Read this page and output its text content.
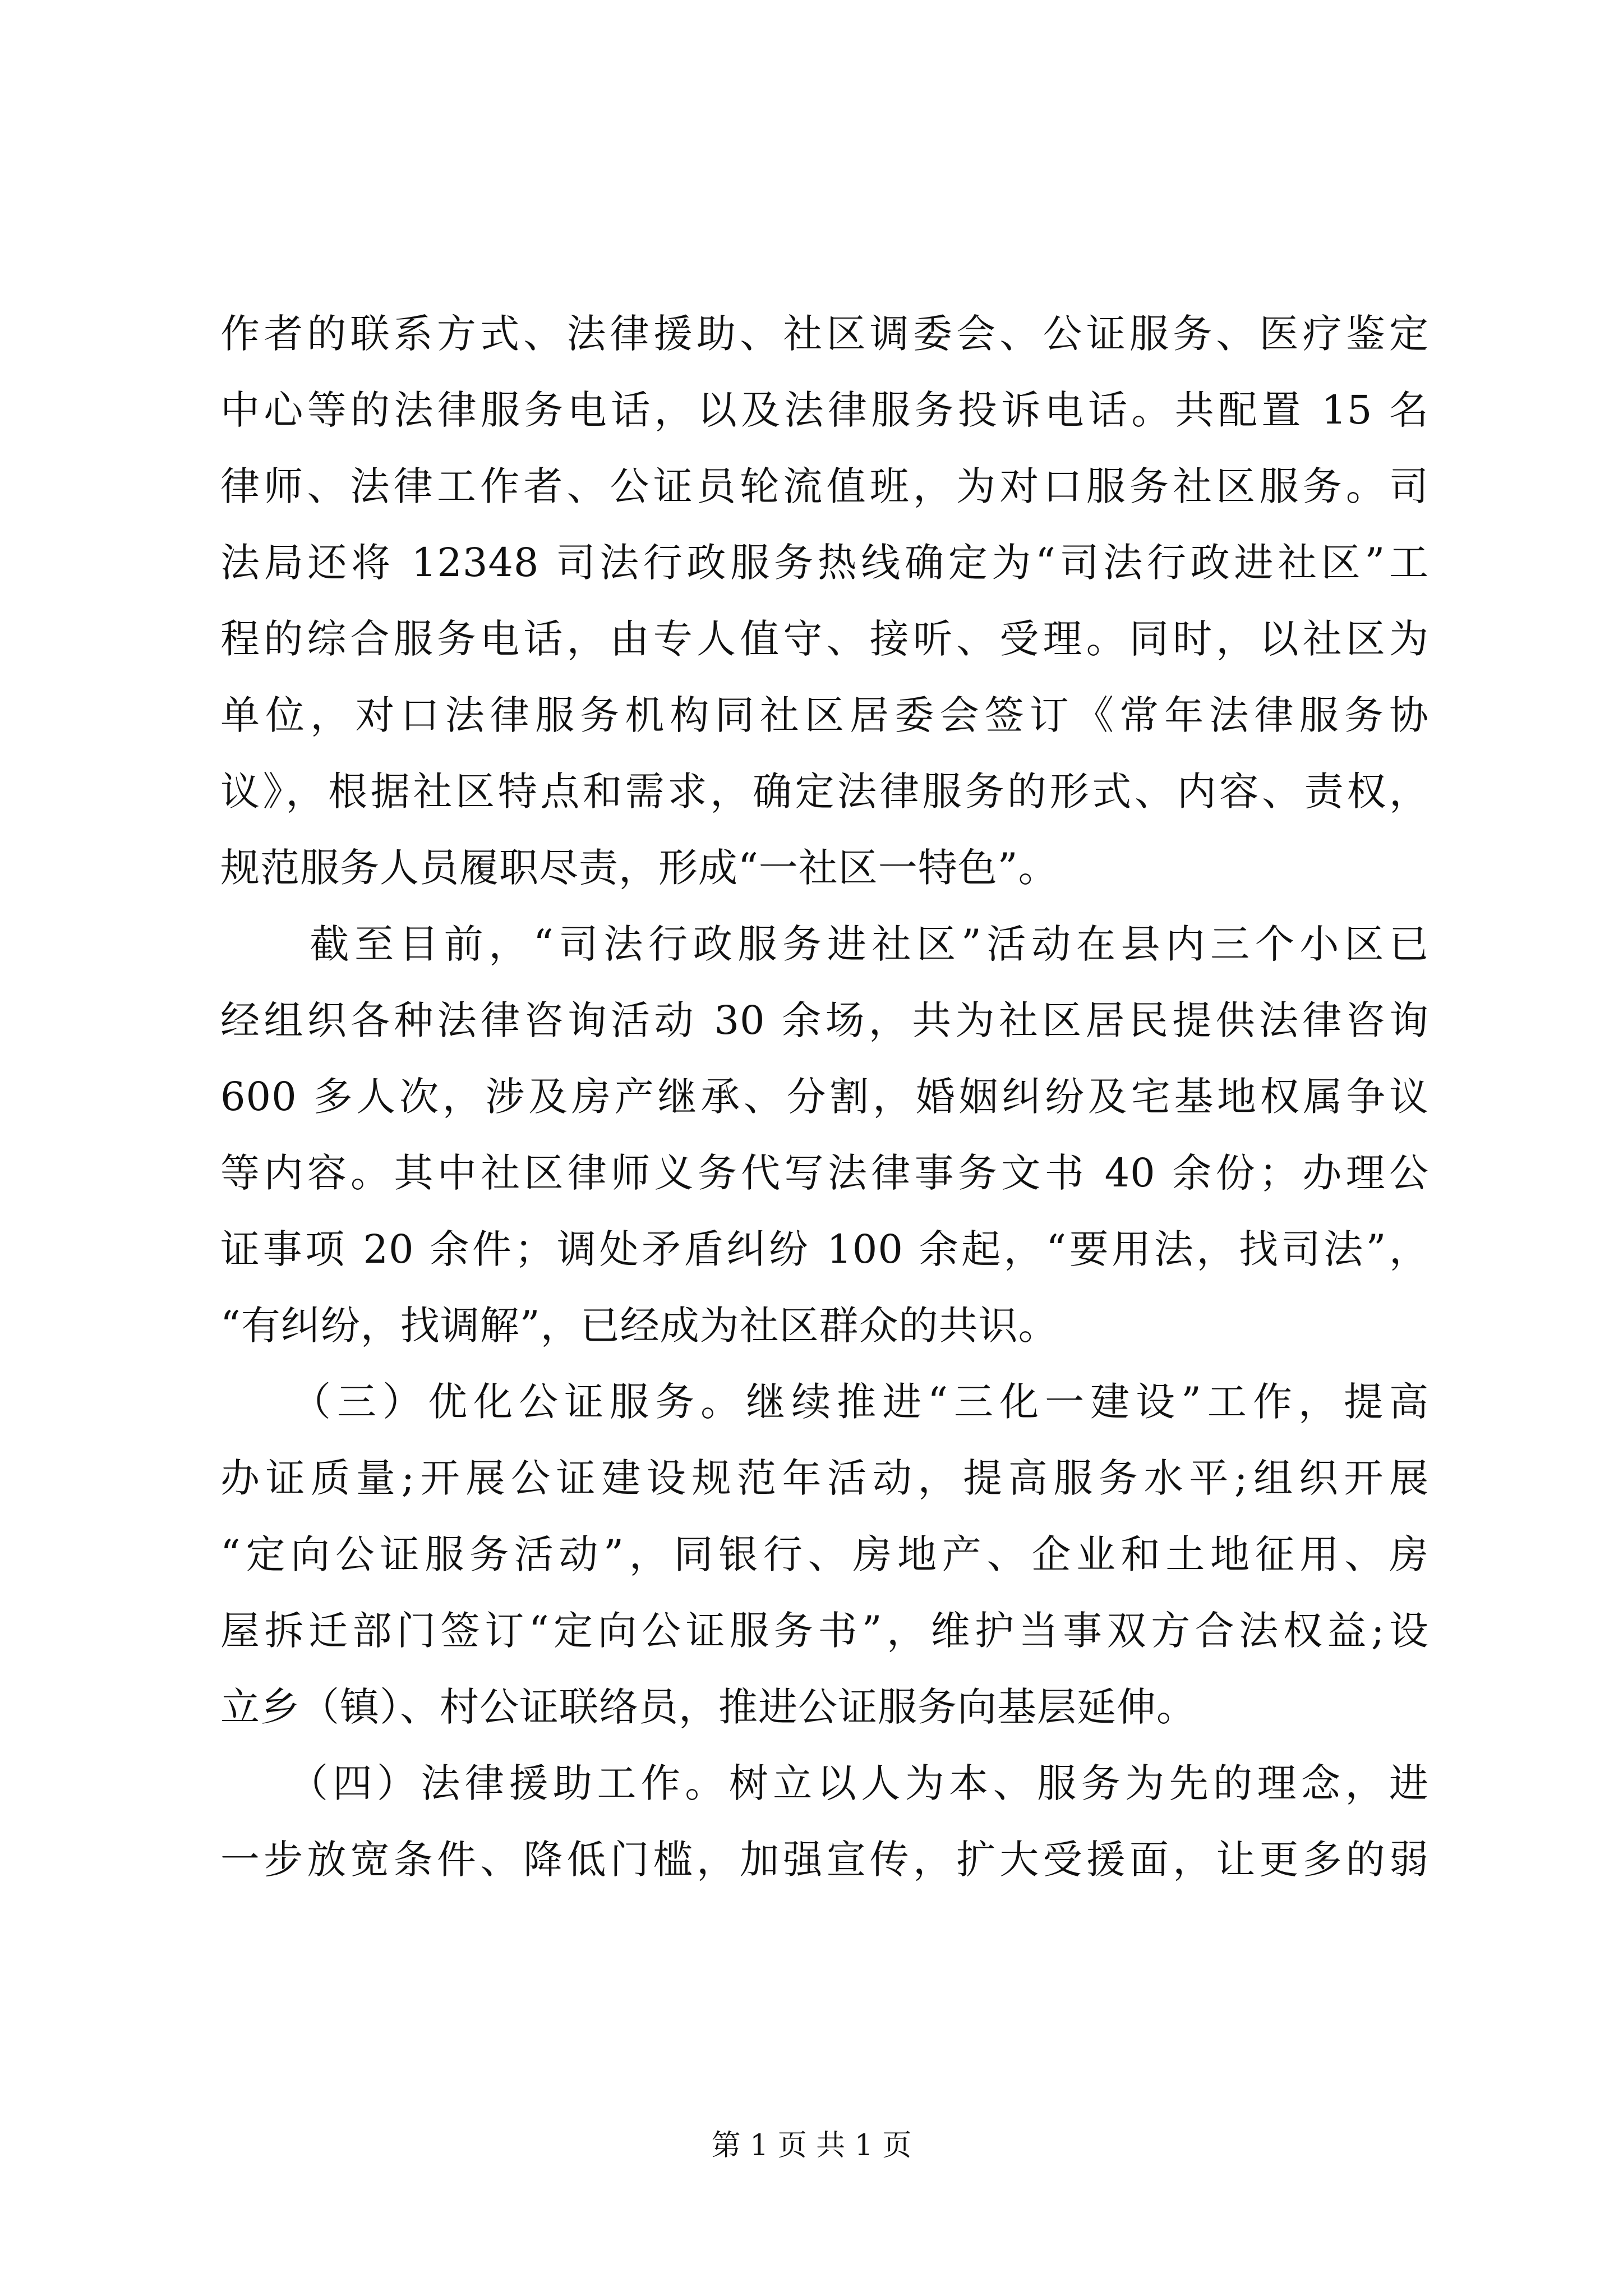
作者的联系方式、法律援助、社区调委会、公证服务、医疗鉴定
中心等的法律服务电话，以及法律服务投诉电话。共配置 15 名
律师、法律工作者、公证员轮流值班，为对口服务社区服务。司
法局还将 12348 司法行政服务热线确定为“司法行政进社区”工
程的综合服务电话，由专人值守、接听、受理。同时，以社区为
单位，对口法律服务机构同社区居委会签订《常年法律服务协
议》，根据社区特点和需求，确定法律服务的形式、内容、责权，
规范服务人员履职尽责，形成“一社区一特色”。
　　截至目前，“司法行政服务进社区”活动在县内三个小区已
经组织各种法律咨询活动 30 余场，共为社区居民提供法律咨询
600 多人次，涉及房产继承、分割，婚姻纠纷及宅基地权属争议
等内容。其中社区律师义务代写法律事务文书 40 余份；办理公
证事项 20 余件；调处矛盾纠纷 100 余起，“要用法，找司法”，
“有纠纷，找调解”，已经成为社区群众的共识。
　　（三）优化公证服务。继续推进“三化一建设”工作，提高
办证质量;开展公证建设规范年活动，提高服务水平;组织开展
“定向公证服务活动”，同银行、房地产、企业和土地征用、房
屋拆迁部门签订“定向公证服务书”，维护当事双方合法权益;设
立乡（镇）、村公证联络员，推进公证服务向基层延伸。
　　（四）法律援助工作。树立以人为本、服务为先的理念，进
一步放宽条件、降低门槛，加强宣传，扩大受援面，让更多的弱
第 1 页 共 1 页
